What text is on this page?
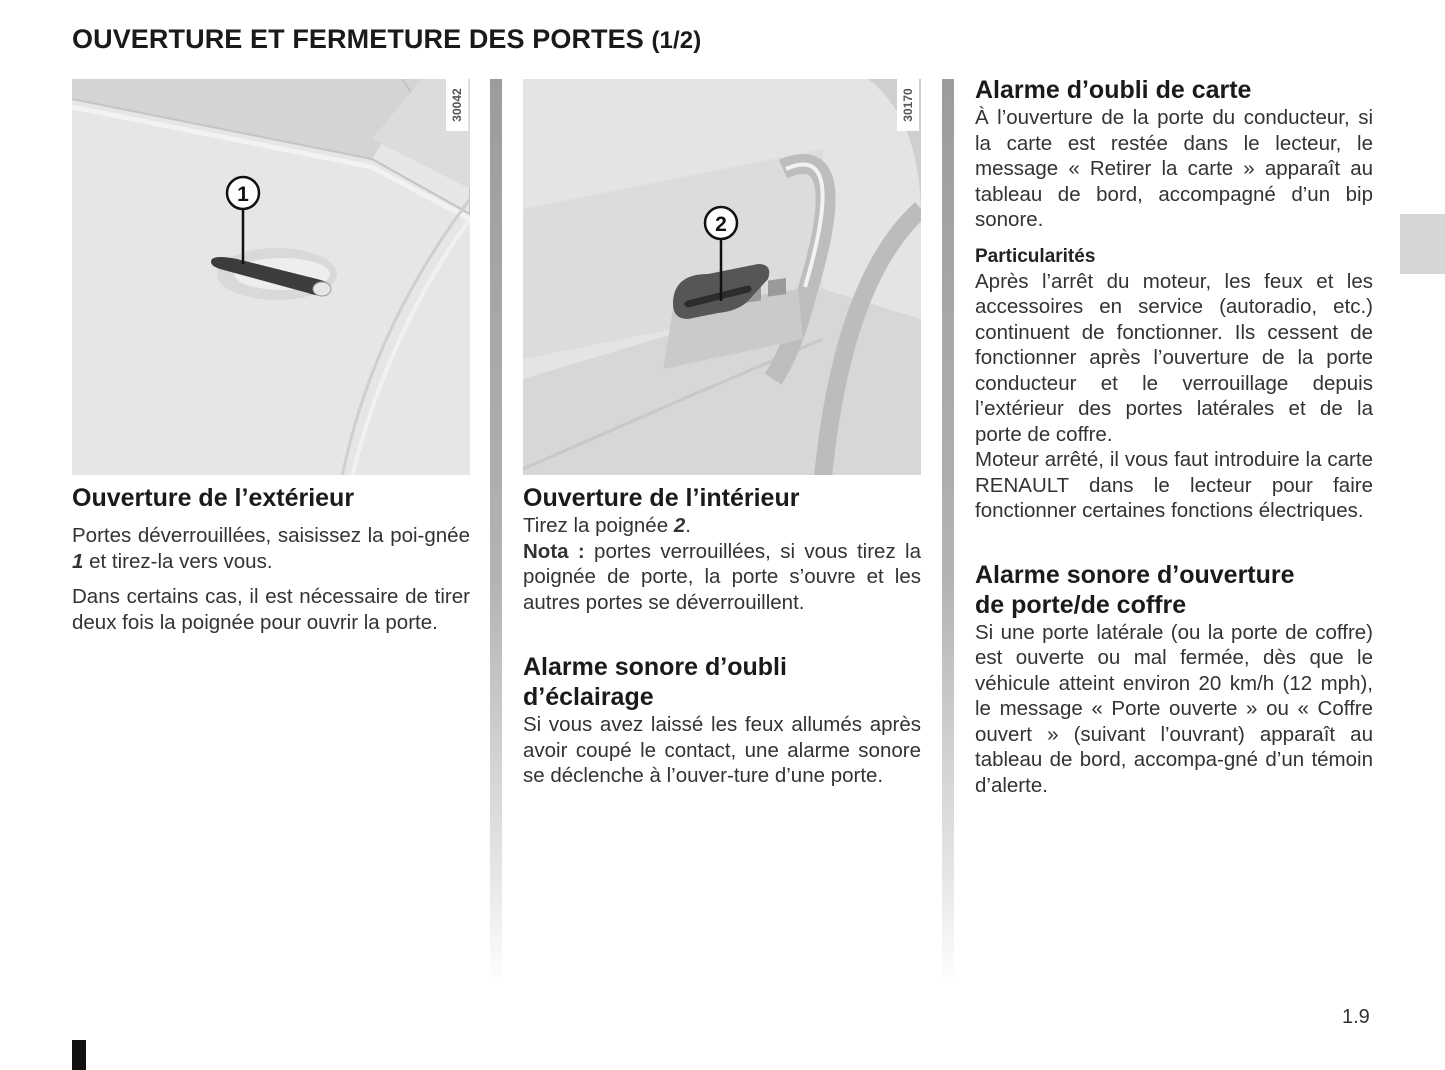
OUVERTURE ET FERMETURE DES PORTES (1/2)
1
30042
Ouverture de l’extérieur

Portes déverrouillées, saisissez la poi-gnée 1 et tirez-la vers vous.

Dans certains cas, il est nécessaire de tirer deux fois la poignée pour ouvrir la porte.

2
30170
Ouverture de l’intérieur

Tirez la poignée 2.

Nota : portes verrouillées, si vous tirez la poignée de porte, la porte s’ouvre et les autres portes se déverrouillent.

Alarme sonore d’oubli
d’éclairage

Si vous avez laissé les feux allumés après avoir coupé le contact, une alarme sonore se déclenche à l’ouver-ture d’une porte.

Alarme d’oubli de carte

À l’ouverture de la porte du conducteur, si la carte est restée dans le lecteur, le message « Retirer la carte » apparaît au tableau de bord, accompagné d’un bip sonore.

Particularités

Après l’arrêt du moteur, les feux et les accessoires en service (autoradio, etc.) continuent de fonctionner. Ils cessent de fonctionner après l’ouverture de la porte conducteur et le verrouillage depuis l’extérieur des portes latérales et de la porte de coffre.

Moteur arrêté, il vous faut introduire la carte RENAULT dans le lecteur pour faire fonctionner certaines fonctions électriques.

Alarme sonore d’ouverture
de porte/de coffre

Si une porte latérale (ou la porte de coffre) est ouverte ou mal fermée, dès que le véhicule atteint environ 20 km/h (12 mph), le message « Porte ouverte » ou « Coffre ouvert » (suivant l’ouvrant) apparaît au tableau de bord, accompa-gné d’un témoin d’alerte.

1.9
